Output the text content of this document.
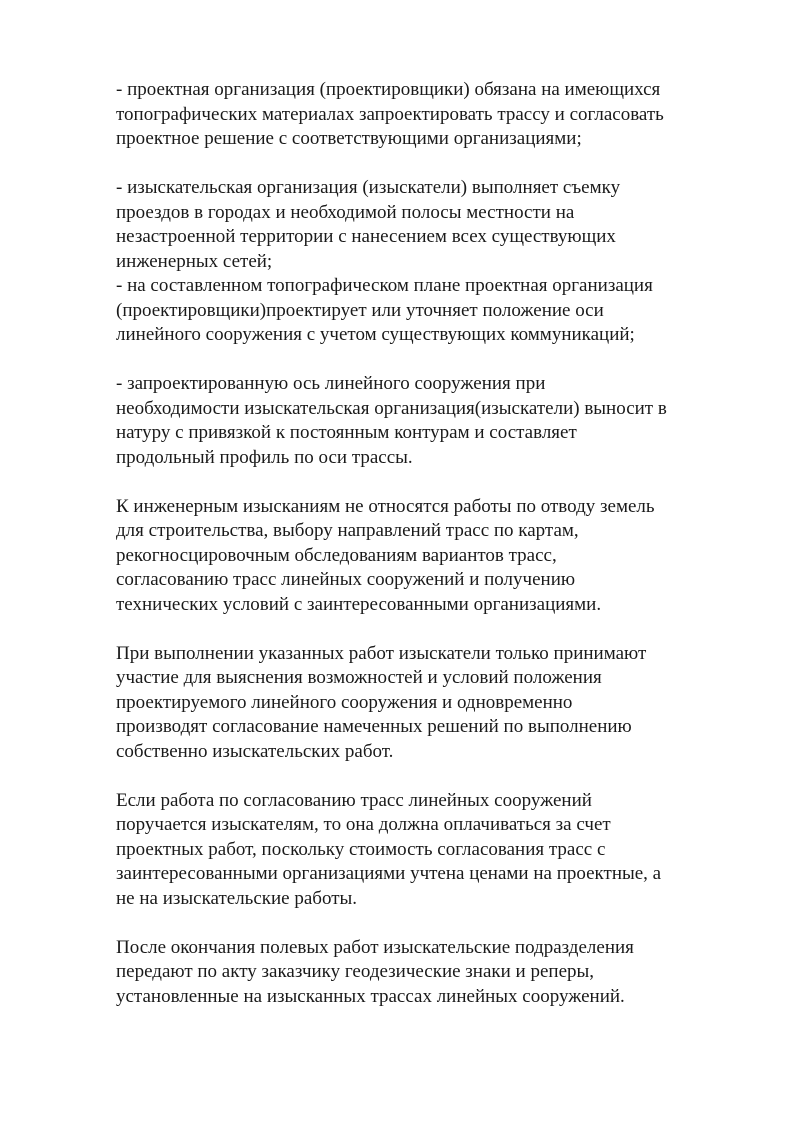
- проектная организация (проектировщики) обязана на имеющихся
топографических материалах запроектировать трассу и согласовать
проектное решение с соответствующими организациями;

- изыскательская организация (изыскатели) выполняет съемку
проездов в городах и необходимой полосы местности на
незастроенной территории с нанесением всех существующих
инженерных сетей;

- на составленном топографическом плане проектная организация
(проектировщики)проектирует или уточняет положение оси
линейного сооружения с учетом существующих коммуникаций;

- запроектированную ось линейного сооружения при
необходимости изыскательская организация(изыскатели) выносит в
натуру с привязкой к постоянным контурам и составляет
продольный профиль по оси трассы.

К инженерным изысканиям не относятся работы по отводу земель
для строительства, выбору направлений трасс по картам,
рекогносцировочным обследованиям вариантов трасс,
согласованию трасс линейных сооружений и получению
технических условий с заинтересованными организациями.

При выполнении указанных работ изыскатели только принимают
участие для выяснения возможностей и условий положения
проектируемого линейного сооружения и одновременно
производят согласование намеченных решений по выполнению
собственно изыскательских работ.

Если работа по согласованию трасс линейных сооружений
поручается изыскателям, то она должна оплачиваться за счет
проектных работ, поскольку стоимость согласования трасс с
заинтересованными организациями учтена ценами на проектные, а
не на изыскательские работы.

После окончания полевых работ изыскательские подразделения
передают по акту заказчику геодезические знаки и реперы,
установленные на изысканных трассах линейных сооружений.
